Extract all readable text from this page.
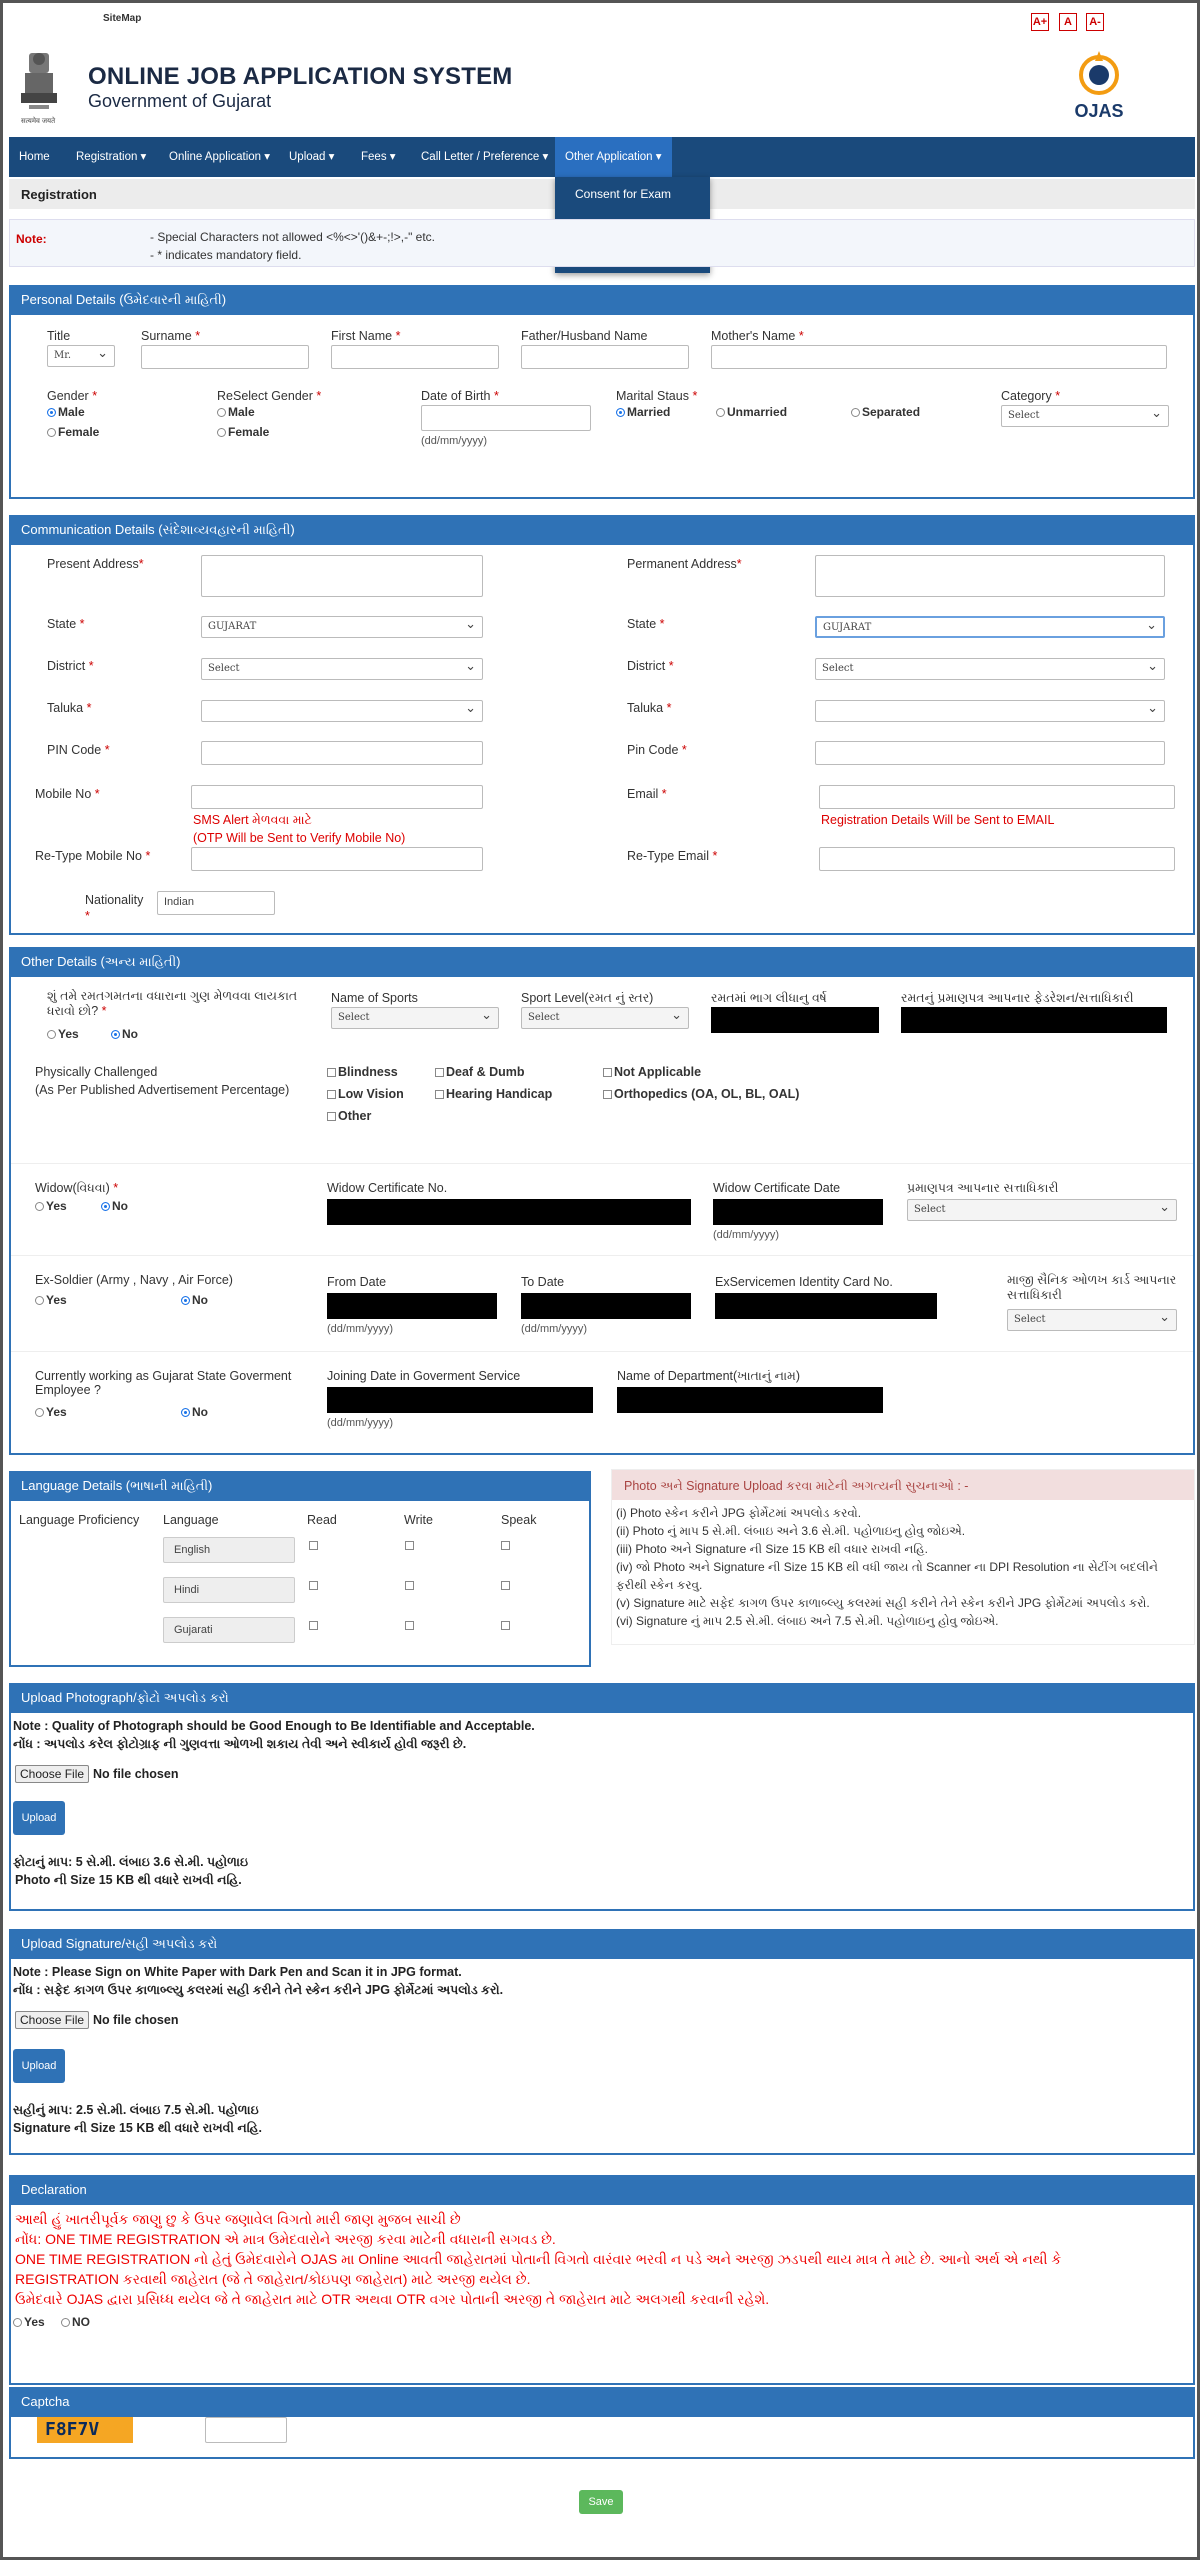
SiteMap	A+	A	A-
सत्यमेव जयते
ONLINE JOB APPLICATION SYSTEM
Government of Gujarat	OJAS
Home	Registration ▾	Online Application ▾	Upload ▾	Fees ▾	Call Letter / Preference ▾	Other Application ▾
Registration	Consent for Exam
Note:	- Special Characters not allowed <%<>'()&+-;!>,-" etc.
- * indicates mandatory field.
Personal Details (ઉમેદવારની માહિતી)
Title
Mr. ⌄
Surname *	First Name *	Father/Husband Name	Mother's Name *
Gender *
Male
Female
ReSelect Gender *
Male
Female
Date of Birth *
(dd/mm/yyyy)
Marital Staus *
Married	Unmarried	Separated
Category *
Select ⌄
Communication Details (સંદેશાવ્યવહારની માહિતી)
Present Address*	Permanent Address*
State *	GUJARAT ⌄	State *	GUJARAT ⌄
District *	Select ⌄	District *	Select ⌄
Taluka *
⌄	Taluka *
⌄
PIN Code *	Pin Code *
Mobile No *
SMS Alert મેળવવા માટે
(OTP Will be Sent to Verify Mobile No)
Email *
Registration Details Will be Sent to EMAIL
Re-Type Mobile No *	Re-Type Email *
Nationality
*
Indian
Other Details (અન્ય માહિતી)
શું તમે રમતગમતના વધારાના ગુણ મેળવવા લાયકાત ધરાવો છો? *
Yes	No
Name of Sports
Select ⌄
Sport Level(રમત નું સ્તર)
Select ⌄
રમતમાં ભાગ લીધાનુ વર્ષ	રમતનું પ્રમાણપત્ર આપનાર ફેડરેશન/સત્તાધિકારી
Physically Challenged
(As Per Published Advertisement Percentage)
Blindness	Deaf & Dumb	Not Applicable
Low Vision	Hearing Handicap	Orthopedics (OA, OL, BL, OAL)
Other
Widow(વિધવા) *
Yes	No
Widow Certificate No.	Widow Certificate Date
(dd/mm/yyyy)
પ્રમાણપત્ર આપનાર સત્તાધિકારી
Select ⌄
Ex-Soldier (Army , Navy , Air Force)
Yes	No
From Date
(dd/mm/yyyy)
To Date
(dd/mm/yyyy)
ExServicemen Identity Card No.	માજી સૈનિક ઓળખ કાર્ડ આપનાર સત્તાધિકારી
Select ⌄
Currently working as Gujarat State Goverment Employee ?
Yes	No
Joining Date in Goverment Service
(dd/mm/yyyy)
Name of Department(ખાતાનું નામ)
Language Details (ભાષાની માહિતી)
Language Proficiency Language	Read	Write	Speak
English
Hindi
Gujarati
Photo અને Signature Upload કરવા માટેની અગત્યની સુચનાઓ : -
(i) Photo સ્કેન કરીને JPG ફોર્મેટમાં અપલોડ કરવો.
(ii) Photo નું માપ 5 સે.મી. લંબાઇ અને 3.6 સે.મી. પહોળાઇનુ હોવુ જોઇએ.
(iii) Photo અને Signature ની Size 15 KB થી વધાર રાખવી નહિ.
(iv) જો Photo અને Signature ની Size 15 KB થી વધી જાય તો Scanner ના DPI Resolution ના સેટીંગ બદલીને
ફરીથી સ્કેન કરવુ.
(v) Signature માટે સફેદ કાગળ ઉપર કાળાબ્લ્યુ કલરમાં સહી કરીને તેને સ્કેન કરીને JPG ફોર્મેટમાં અપલોડ કરો.
(vi) Signature નું માપ 2.5 સે.મી. લંબાઇ અને 7.5 સે.મી. પહોળાઇનુ હોવુ જોઇએ.
Upload Photograph/ફોટો અપલોડ કરો
Note : Quality of Photograph should be Good Enough to Be Identifiable and Acceptable.
નોંધ : અપલોડ કરેલ ફોટોગ્રાફ ની ગુણવત્તા ઓળખી શકાય તેવી અને સ્વીકાર્ય હોવી જરૂરી છે.
Choose File No file chosen
Upload
ફોટાનું માપ: 5 સે.મી. લંબાઇ 3.6 સે.મી. પહોળાઇ
Photo ની Size 15 KB થી વધારે રાખવી નહિ.
Upload Signature/સહી અપલોડ કરો
Note : Please Sign on White Paper with Dark Pen and Scan it in JPG format.
નોંધ : સફેદ કાગળ ઉપર કાળાબ્લ્યુ કલરમાં સહી કરીને તેને સ્કેન કરીને JPG ફોર્મેટમાં અપલોડ કરો.
Choose File No file chosen
Upload
સહીનું માપ: 2.5 સે.મી. લંબાઇ 7.5 સે.મી. પહોળાઇ
Signature ની Size 15 KB થી વધારે રાખવી નહિ.
Declaration
આથી હું ખાતરીપૂર્વક જાણુ છુ કે ઉપર જણાવેલ વિગતો મારી જાણ મુજબ સાચી છે
નોંધ: ONE TIME REGISTRATION એ માત્ર ઉમેદવારોને અરજી કરવા માટેની વધારાની સગવડ છે.
ONE TIME REGISTRATION નો હેતું ઉમેદવારોને OJAS મા Online આવતી જાહેરાતમાં પોતાની વિગતો વારંવાર ભરવી ન પડે અને અરજી ઝડપથી થાય માત્ર તે માટે છે. આનો અર્થ એ નથી કે
REGISTRATION કરવાથી જાહેરાત (જે તે જાહેરાત/કોઇપણ જાહેરાત) માટે અરજી થયેલ છે.
ઉમેદવારે OJAS દ્વારા પ્રસિધ્ધ થયેલ જે તે જાહેરાત માટે OTR અથવા OTR વગર પોતાની અરજી તે જાહેરાત માટે અલગથી કરવાની રહેશે.
Yes NO
Captcha
F8F7V
Save
